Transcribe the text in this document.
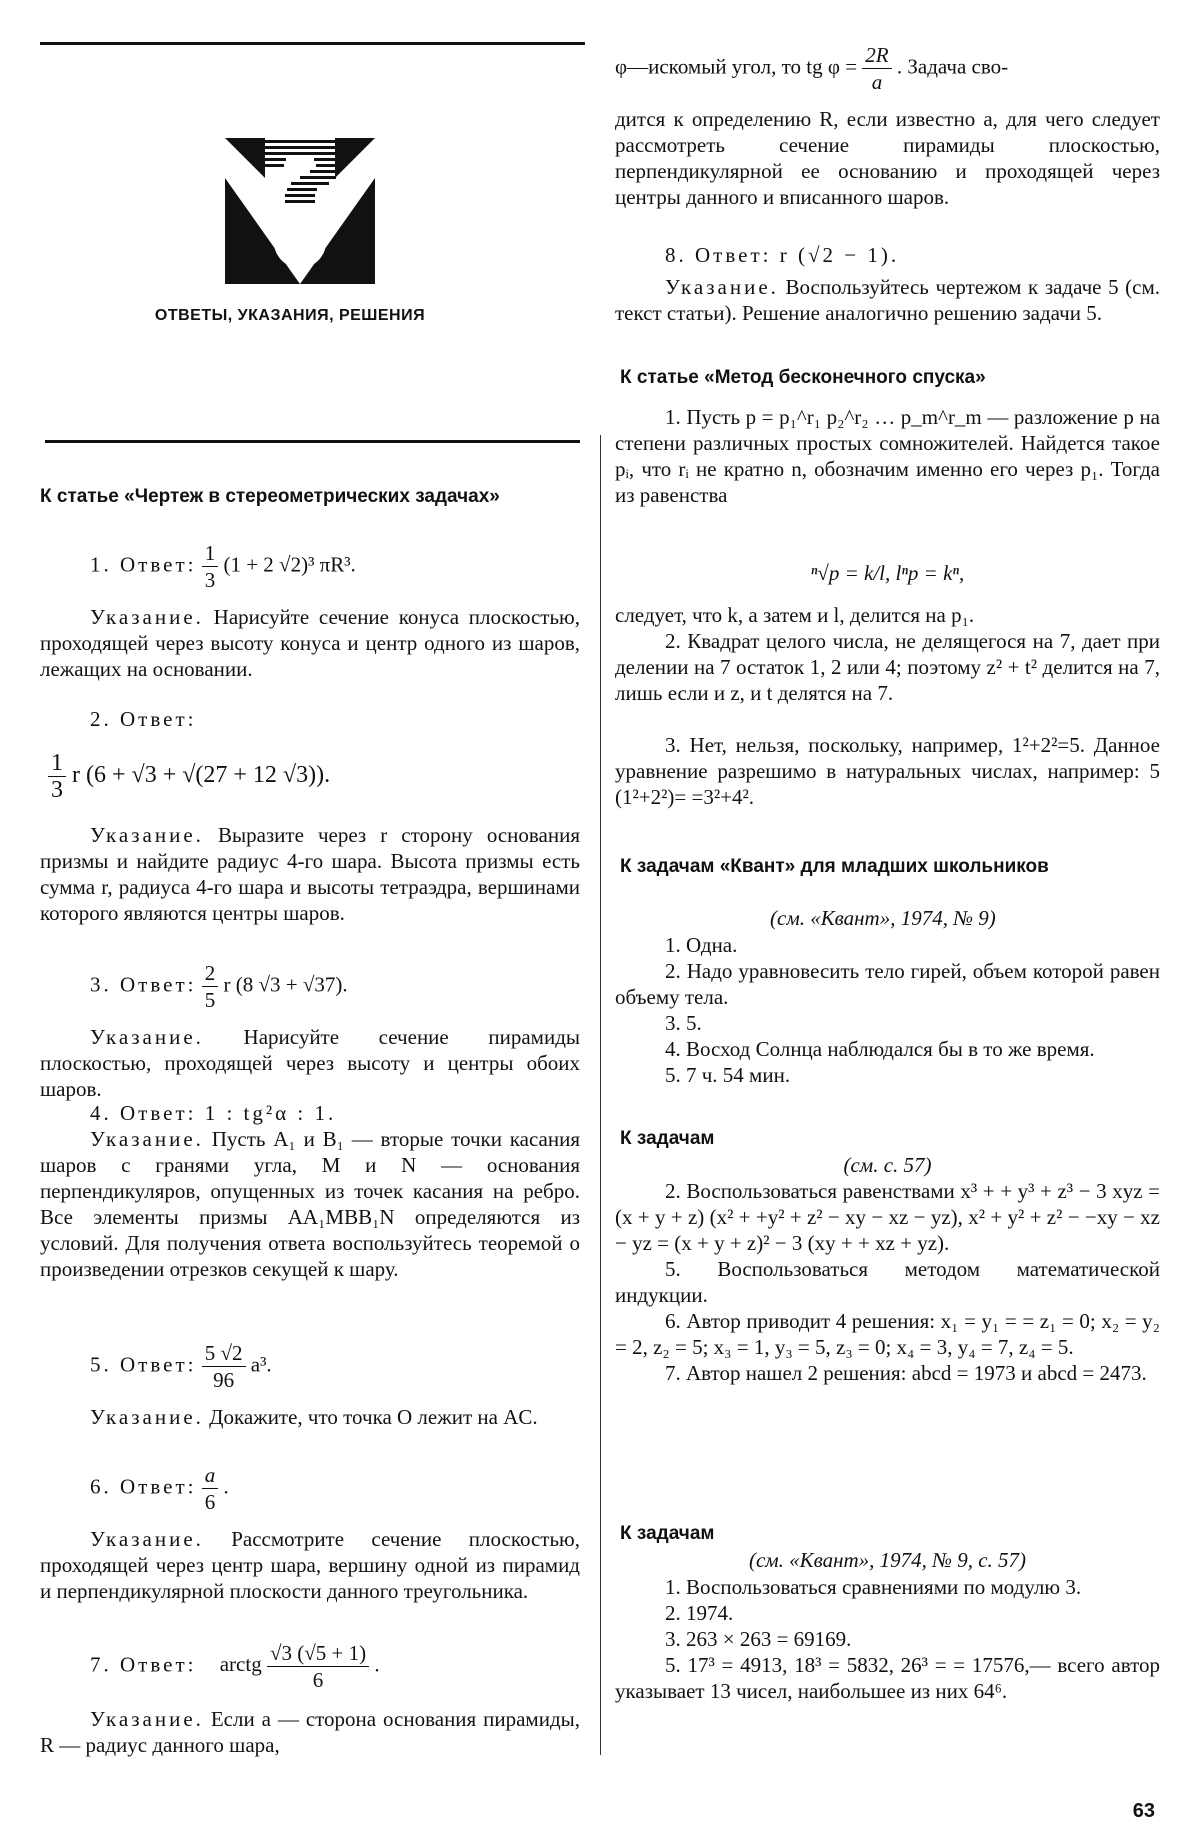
ОТВЕТЫ, УКАЗАНИЯ, РЕШЕНИЯ
К статье «Чертеж в стереометрических задачах»
1. Ответ: $\frac{1}{3} (1 + 2$ √2)³ πR³.
Указание. Нарисуйте сечение конуса плоскостью, проходящей через высоту конуса и центр одного из шаров, лежащих на основании.
2. Ответ:
$\frac{1}{3}$ r (6 + √3 + √(27 + 12 √3)).
Указание. Выразите через r сторону основания призмы и найдите радиус 4-го шара. Высота призмы есть сумма r, радиуса 4-го шара и высоты тетраэдра, вершинами которого являются центры шаров.
3. Ответ: $\frac{2}{5}$ r (8 √3 + √37).
Указание. Нарисуйте сечение пирамиды плоскостью, проходящей через высоту и центры обоих шаров.
4. Ответ: 1 : tg²α : 1.
Указание. Пусть A₁ и B₁ — вторые точки касания шаров с гранями угла, M и N — основания перпендикуляров, опущенных из точек касания на ребро. Все элементы призмы AA₁MBB₁N определяются из условий. Для получения ответа воспользуйтесь теоремой о произведении отрезков секущей к шару.
5. Ответ: $\frac{5 √2}{96} a^3$.
Указание. Докажите, что точка O лежит на AC.
6. Ответ: $\frac{a}{6}$ .
Указание. Рассмотрите сечение плоскостью, проходящей через центр шара, вершину одной из пирамид и перпендикулярной плоскости данного треугольника.
7. Ответ: arctg $\frac{√3 (√5 + 1)}{6}$ .
Указание. Если a — сторона основания пирамиды, R — радиус данного шара,
φ—искомый угол, то tg $\varphi = \frac{2R}{a}$ . Задача сво-
дится к определению R, если известно a, для чего следует рассмотреть сечение пирамиды плоскостью, перпендикулярной ее основанию и проходящей через центры данного и вписанного шаров.
8. Ответ: r (√2 − 1).
Указание. Воспользуйтесь чертежом к задаче 5 (см. текст статьи). Решение аналогично решению задачи 5.
К статье «Метод бесконечного спуска»
1. Пусть p = p₁^r₁ p₂^r₂ … p_m^r_m — разложение p на степени различных простых сомножителей. Найдется такое pᵢ, что rᵢ не кратно n, обозначим именно его через p₁. Тогда из равенства
ⁿ√p = k/l, lⁿp = kⁿ,
следует, что k, а затем и l, делится на p₁.
2. Квадрат целого числа, не делящегося на 7, дает при делении на 7 остаток 1, 2 или 4; поэтому z² + t² делится на 7, лишь если и z, и t делятся на 7.
3. Нет, нельзя, поскольку, например, 1²+2²=5. Данное уравнение разрешимо в натуральных числах, например: 5 (1²+2²)= =3²+4².
К задачам «Квант» для младших школьников
(см. «Квант», 1974, № 9)
1. Одна.
2. Надо уравновесить тело гирей, объем которой равен объему тела.
3. 5.
4. Восход Солнца наблюдался бы в то же время.
5. 7 ч. 54 мин.
К задачам
(см. с. 57)
2. Воспользоваться равенствами x³ + + y³ + z³ − 3 xyz = (x + y + z) (x² + +y² + z² − xy − xz − yz), x² + y² + z² − −xy − xz − yz = (x + y + z)² − 3 (xy + + xz + yz).
5. Воспользоваться методом математической индукции.
6. Автор приводит 4 решения: x₁ = y₁ = = z₁ = 0; x₂ = y₂ = 2, z₂ = 5; x₃ = 1, y₃ = 5, z₃ = 0; x₄ = 3, y₄ = 7, z₄ = 5.
7. Автор нашел 2 решения: abcd = 1973 и abcd = 2473.
К задачам
(см. «Квант», 1974, № 9, с. 57)
1. Воспользоваться сравнениями по модулю 3.
2. 1974.
3. 263 × 263 = 69169.
5. 17³ = 4913, 18³ = 5832, 26³ = = 17576,— всего автор указывает 13 чисел, наибольшее из них 64⁶.
63
